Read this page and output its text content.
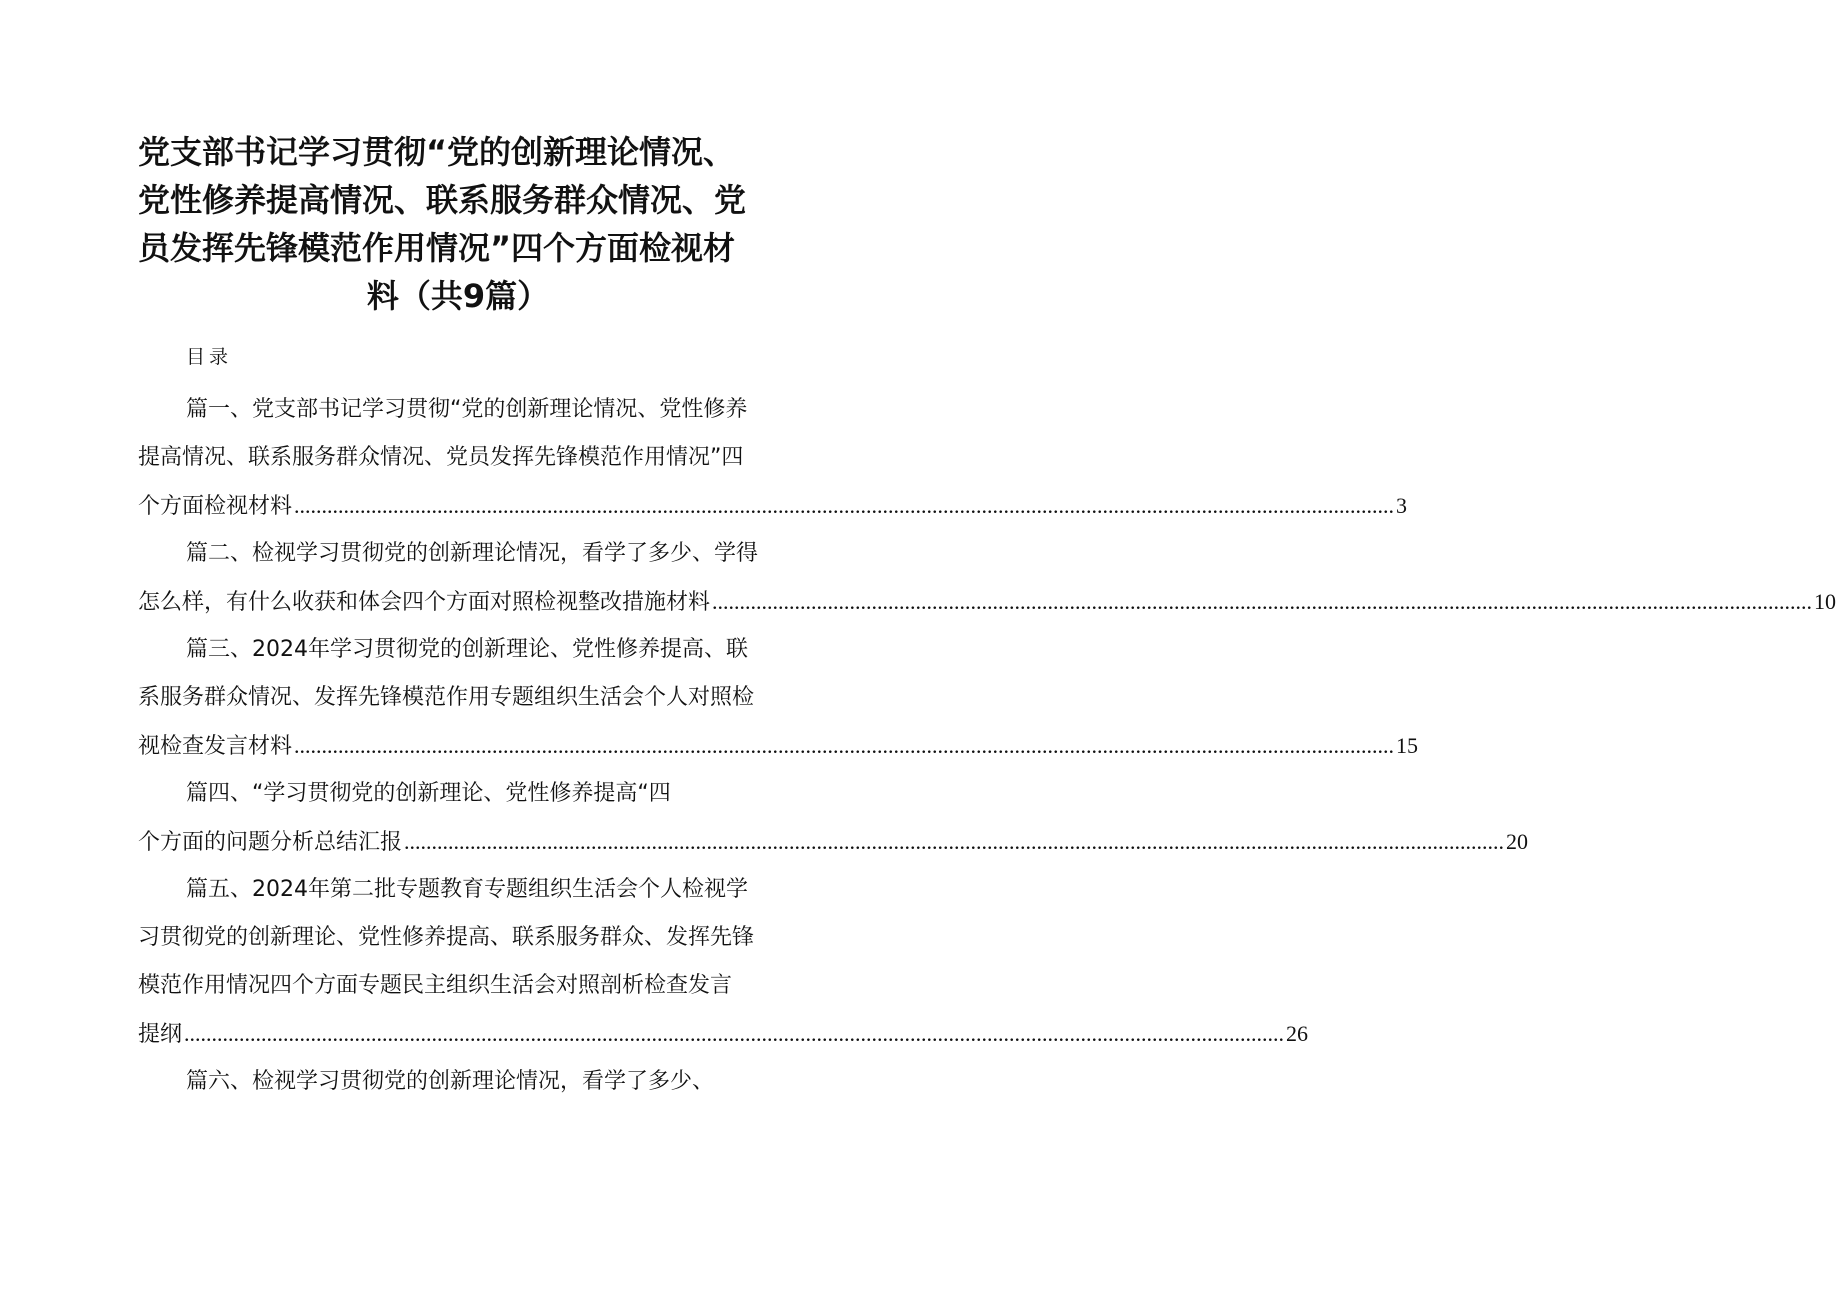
党支部书记学习贯彻“党的创新理论情况、
党性修养提高情况、联系服务群众情况、党
员发挥先锋模范作用情况”四个方面检视材
料（共9篇）
目录
篇一、党支部书记学习贯彻“党的创新理论情况、党性修养
提高情况、联系服务群众情况、党员发挥先锋模范作用情况”四
个方面检视材料 ........................................................................................................................................................................................................ 3
篇二、检视学习贯彻党的创新理论情况，看学了多少、学得
怎么样，有什么收获和体会四个方面对照检视整改措施材料 ........................................................................................................................................................................................................ 10
篇三、2024年学习贯彻党的创新理论、党性修养提高、联
系服务群众情况、发挥先锋模范作用专题组织生活会个人对照检
视检查发言材料 ........................................................................................................................................................................................................ 15
篇四、“学习贯彻党的创新理论、党性修养提高“四
个方面的问题分析总结汇报 ........................................................................................................................................................................................................ 20
篇五、2024年第二批专题教育专题组织生活会个人检视学
习贯彻党的创新理论、党性修养提高、联系服务群众、发挥先锋
模范作用情况四个方面专题民主组织生活会对照剖析检查发言
提纲 ........................................................................................................................................................................................................ 26
篇六、检视学习贯彻党的创新理论情况，看学了多少、
